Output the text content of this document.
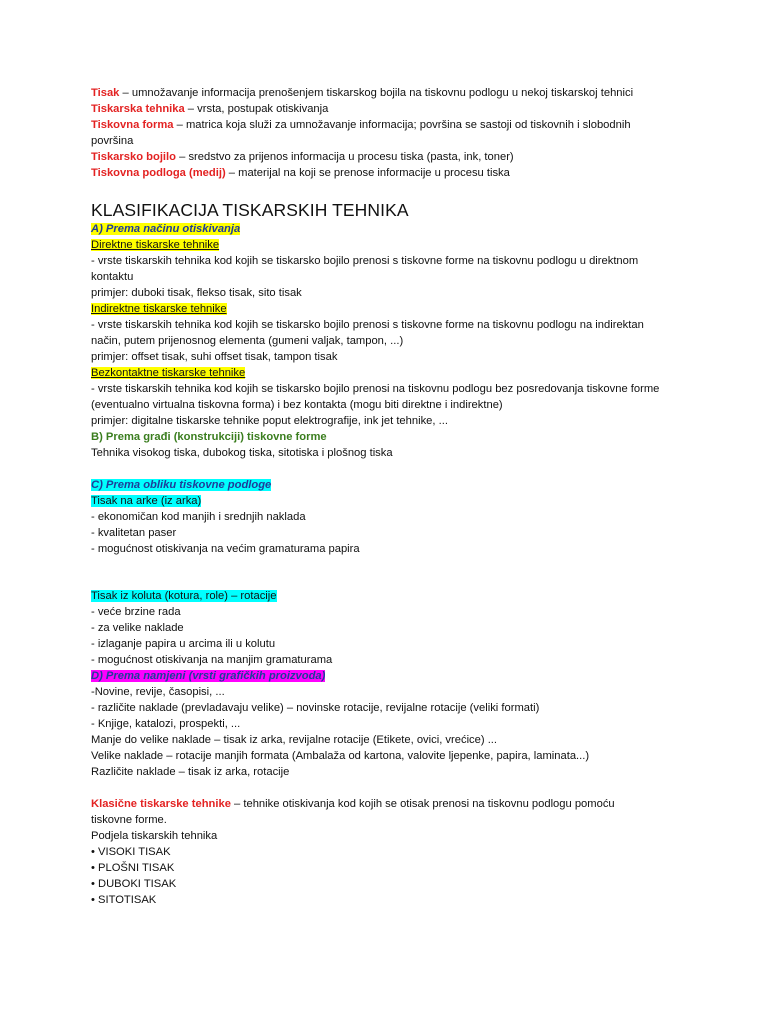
Tisak – umnožavanje informacija prenošenjem tiskarskog bojila na tiskovnu podlogu u nekoj tiskarskoj tehnici
Tiskarska tehnika – vrsta, postupak otiskivanja
Tiskovna forma – matrica koja služi za umnožavanje informacija; površina se sastoji od tiskovnih i slobodnih površina
Tiskarsko bojilo – sredstvo za prijenos informacija u procesu tiska (pasta, ink, toner)
Tiskovna podloga (medij) – materijal na koji se prenose informacije u procesu tiska
KLASIFIKACIJA TISKARSKIH TEHNIKA
A) Prema načinu otiskivanja
Direktne tiskarske tehnike
- vrste tiskarskih tehnika kod kojih se tiskarsko bojilo prenosi s tiskovne forme na tiskovnu podlogu u direktnom kontaktu
primjer: duboki tisak, flekso tisak, sito tisak
Indirektne tiskarske tehnike
- vrste tiskarskih tehnika kod kojih se tiskarsko bojilo prenosi s tiskovne forme na tiskovnu podlogu na indirektan način, putem prijenosnog elementa (gumeni valjak, tampon, ...)
primjer: offset tisak, suhi offset tisak, tampon tisak
Bezkontaktne tiskarske tehnike
- vrste tiskarskih tehnika kod kojih se tiskarsko bojilo prenosi na tiskovnu podlogu bez posredovanja tiskovne forme (eventualno virtualna tiskovna forma) i bez kontakta (mogu biti direktne i indirektne)
primjer: digitalne tiskarske tehnike poput elektrografije, ink jet tehnike, ...
B) Prema građi (konstrukciji) tiskovne forme
Tehnika visokog tiska, dubokog tiska, sitotiska i plošnog tiska
C) Prema obliku tiskovne podloge
Tisak na arke (iz arka)
- ekonomičan kod manjih i srednjih naklada
- kvalitetan paser
- mogućnost otiskivanja na većim gramaturama papira
Tisak iz koluta (kotura, role) – rotacije
- veće brzine rada
- za velike naklade
- izlaganje papira u arcima ili u kolutu
- mogućnost otiskivanja na manjim gramaturama
D) Prema namjeni (vrsti grafičkih proizvoda)
-Novine, revije, časopisi, ...
- različite naklade (prevladavaju velike) – novinske rotacije, revijalne rotacije (veliki formati)
- Knjige, katalozi, prospekti, ...
Manje do velike naklade – tisak iz arka, revijalne rotacije (Etikete, ovici, vrećice) ...
Velike naklade – rotacije manjih formata (Ambalaža od kartona, valovite ljepenke, papira, laminata...)
Različite naklade – tisak iz arka, rotacije
Klasične tiskarske tehnike – tehnike otiskivanja kod kojih se otisak prenosi na tiskovnu podlogu pomoću tiskovne forme.
Podjela tiskarskih tehnika
• VISOKI TISAK
• PLOŠNI TISAK
• DUBOKI TISAK
• SITOTISAK
